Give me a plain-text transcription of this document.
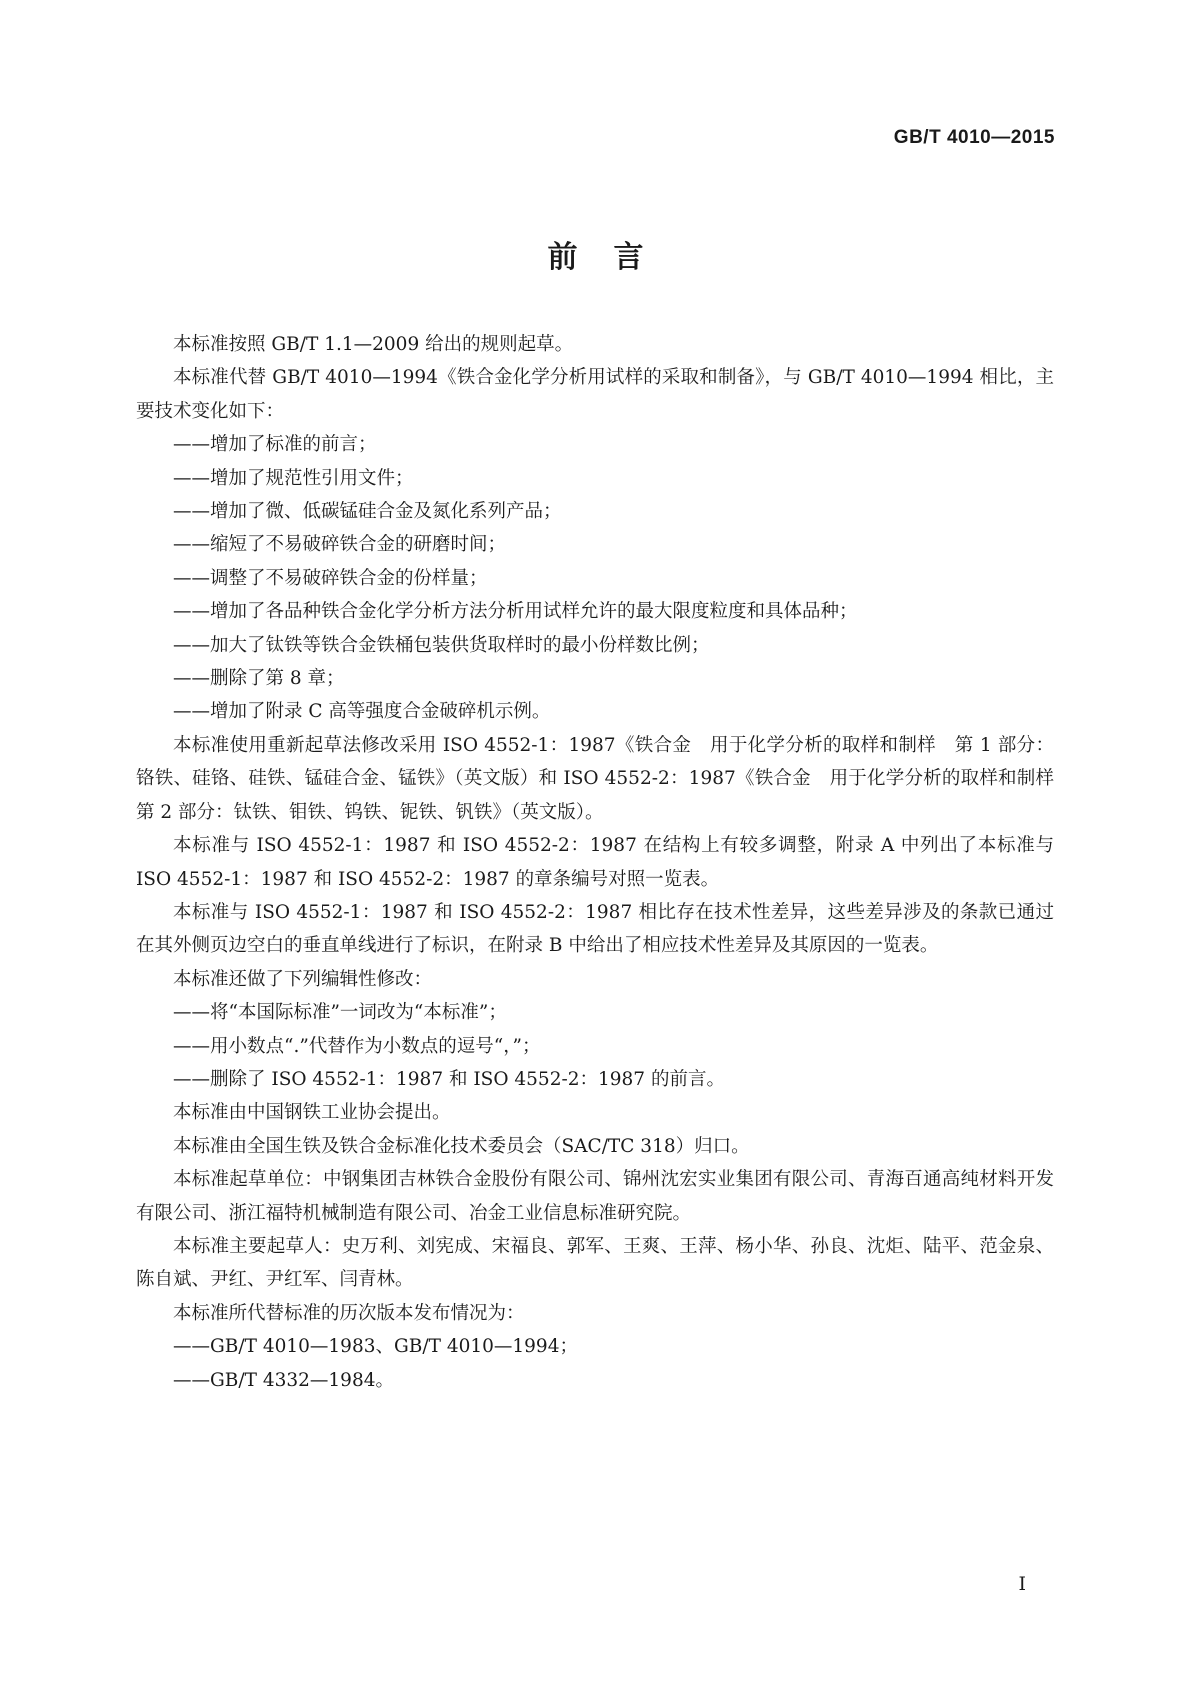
GB/T 4010—2015
前言

本标准按照 GB/T 1.1—2009 给出的规则起草。

本标准代替 GB/T 4010—1994《铁合金化学分析用试样的采取和制备》，与 GB/T 4010—1994 相比，主要技术变化如下：

——增加了标准的前言；

——增加了规范性引用文件；

——增加了微、低碳锰硅合金及氮化系列产品；

——缩短了不易破碎铁合金的研磨时间；

——调整了不易破碎铁合金的份样量；

——增加了各品种铁合金化学分析方法分析用试样允许的最大限度粒度和具体品种；

——加大了钛铁等铁合金铁桶包装供货取样时的最小份样数比例；

——删除了第 8 章；

——增加了附录 C 高等强度合金破碎机示例。

本标准使用重新起草法修改采用 ISO 4552-1：1987《铁合金　用于化学分析的取样和制样　第 1 部分：铬铁、硅铬、硅铁、锰硅合金、锰铁》（英文版）和 ISO 4552-2：1987《铁合金　用于化学分析的取样和制样　第 2 部分：钛铁、钼铁、钨铁、铌铁、钒铁》（英文版）。

本标准与 ISO 4552-1：1987 和 ISO 4552-2：1987 在结构上有较多调整，附录 A 中列出了本标准与 ISO 4552-1：1987 和 ISO 4552-2：1987 的章条编号对照一览表。

本标准与 ISO 4552-1：1987 和 ISO 4552-2：1987 相比存在技术性差异，这些差异涉及的条款已通过在其外侧页边空白的垂直单线进行了标识，在附录 B 中给出了相应技术性差异及其原因的一览表。

本标准还做了下列编辑性修改：

——将“本国际标准”一词改为“本标准”；

——用小数点“.”代替作为小数点的逗号“，”；

——删除了 ISO 4552-1：1987 和 ISO 4552-2：1987 的前言。

本标准由中国钢铁工业协会提出。

本标准由全国生铁及铁合金标准化技术委员会（SAC/TC 318）归口。

本标准起草单位：中钢集团吉林铁合金股份有限公司、锦州沈宏实业集团有限公司、青海百通高纯材料开发有限公司、浙江福特机械制造有限公司、冶金工业信息标准研究院。

本标准主要起草人：史万利、刘宪成、宋福良、郭军、王爽、王萍、杨小华、孙良、沈炬、陆平、范金泉、陈自斌、尹红、尹红军、闫青林。

本标准所代替标准的历次版本发布情况为：

——GB/T 4010—1983、GB/T 4010—1994；

——GB/T 4332—1984。

I
